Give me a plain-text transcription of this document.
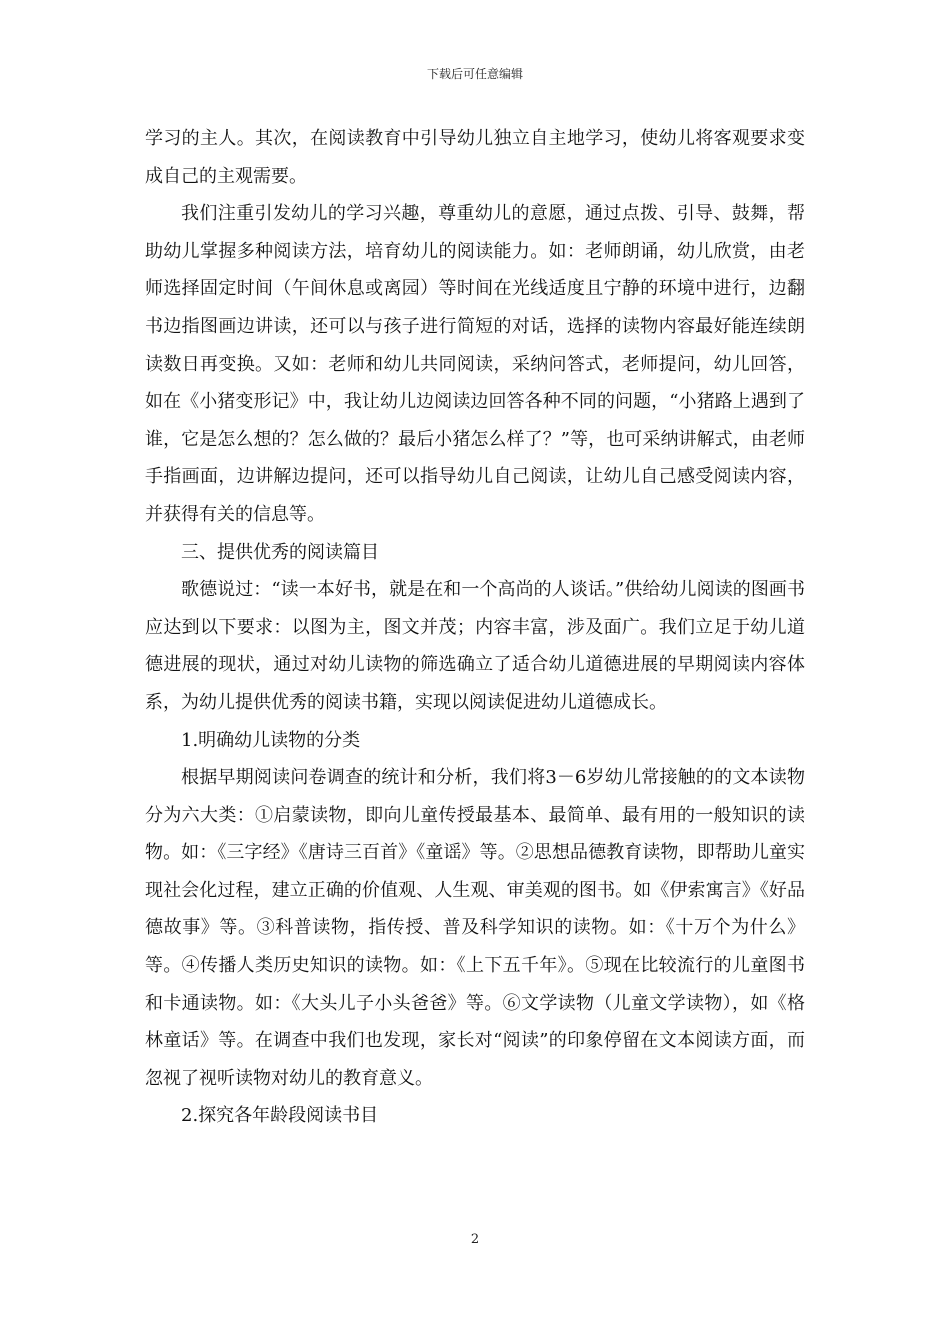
下载后可任意编辑

学习的主人。其次，在阅读教育中引导幼儿独立自主地学习，使幼儿将客观要求变成自己的主观需要。

我们注重引发幼儿的学习兴趣，尊重幼儿的意愿，通过点拨、引导、鼓舞，帮助幼儿掌握多种阅读方法，培育幼儿的阅读能力。如：老师朗诵，幼儿欣赏，由老师选择固定时间（午间休息或离园）等时间在光线适度且宁静的环境中进行，边翻书边指图画边讲读，还可以与孩子进行简短的对话，选择的读物内容最好能连续朗读数日再变换。又如：老师和幼儿共同阅读，采纳问答式，老师提问，幼儿回答，如在《小猪变形记》中，我让幼儿边阅读边回答各种不同的问题，“小猪路上遇到了谁，它是怎么想的？怎么做的？最后小猪怎么样了？”等，也可采纳讲解式，由老师手指画面，边讲解边提问，还可以指导幼儿自己阅读，让幼儿自己感受阅读内容，并获得有关的信息等。

三、提供优秀的阅读篇目

歌德说过：“读一本好书，就是在和一个高尚的人谈话。”供给幼儿阅读的图画书应达到以下要求：以图为主，图文并茂；内容丰富，涉及面广。我们立足于幼儿道德进展的现状，通过对幼儿读物的筛选确立了适合幼儿道德进展的早期阅读内容体系，为幼儿提供优秀的阅读书籍，实现以阅读促进幼儿道德成长。

1.明确幼儿读物的分类

根据早期阅读问卷调查的统计和分析，我们将3－6岁幼儿常接触的的文本读物分为六大类：①启蒙读物，即向儿童传授最基本、最简单、最有用的一般知识的读物。如：《三字经》《唐诗三百首》《童谣》等。②思想品德教育读物，即帮助儿童实现社会化过程，建立正确的价值观、人生观、审美观的图书。如《伊索寓言》《好品德故事》等。③科普读物，指传授、普及科学知识的读物。如：《十万个为什么》等。④传播人类历史知识的读物。如：《上下五千年》。⑤现在比较流行的儿童图书和卡通读物。如：《大头儿子小头爸爸》等。⑥文学读物（儿童文学读物），如《格林童话》等。在调查中我们也发现，家长对“阅读”的印象停留在文本阅读方面，而忽视了视听读物对幼儿的教育意义。

2.探究各年龄段阅读书目

2
